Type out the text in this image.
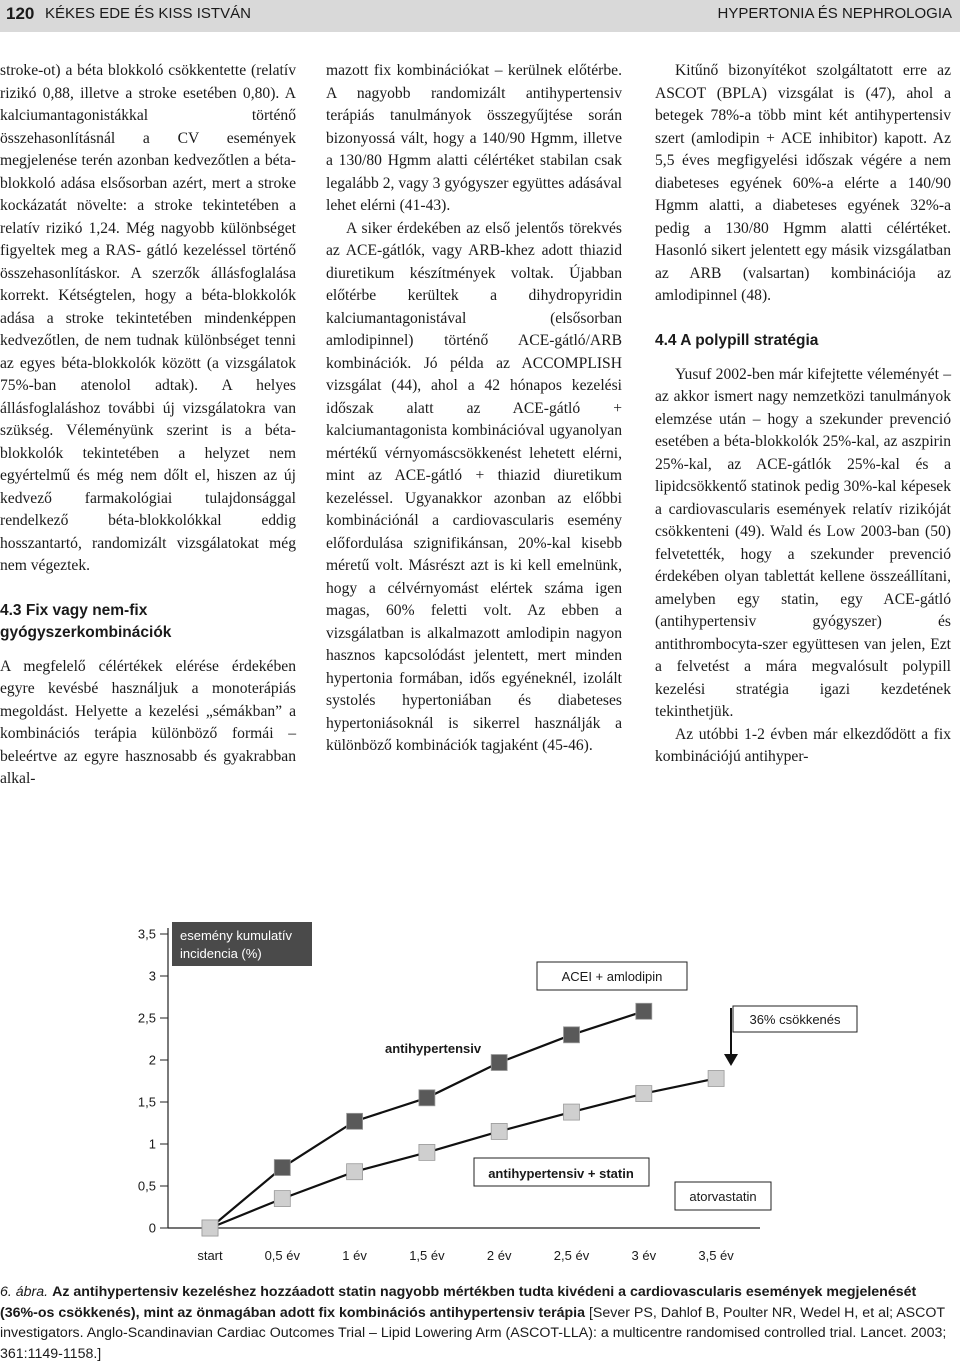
120 KÉKES EDE ÉS KISS ISTVÁN	HYPERTONIA ÉS NEPHROLOGIA

stroke-ot) a béta blokkoló csökkentette (relatív rizikó 0,88, illetve a stroke esetében 0,80). A kalciumantagonistákkal történő összehasonlításnál a CV események megjelenése terén azonban kedvezőtlen a béta-blokkoló adása elsősorban azért, mert a stroke kockázatát növelte: a stroke tekintetében a relatív rizikó 1,24. Még nagyobb különbséget figyeltek meg a RAS- gátló kezeléssel történő összehasonlításkor. A szerzők állásfoglalása korrekt. Kétségtelen, hogy a béta-blokkolók adása a stroke tekintetében mindenképpen kedvezőtlen, de nem tudnak különbséget tenni az egyes béta-blokkolók között (a vizsgálatok 75%-ban atenolol adtak). A helyes állásfoglaláshoz további új vizsgálatokra van szükség. Véleményünk szerint is a béta-blokkolók tekintetében a helyzet nem egyértelmű és még nem dőlt el, hiszen az új kedvező farmakológiai tulajdonsággal rendelkező béta-blokkolókkal eddig hosszantartó, randomizált vizsgálatokat még nem végeztek.

4.3 Fix vagy nem-fix gyógyszerkombinációk

A megfelelő célértékek elérése érdekében egyre kevésbé használjuk a monoterápiás megoldást. Helyette a kezelési „sémákban” a kombinációs terápia különböző formái – beleértve az egyre hasznosabb és gyakrabban alkal-

mazott fix kombinációkat – kerülnek előtérbe. A nagyobb randomizált antihypertensiv terápiás tanulmányok összegyűjtése során bizonyossá vált, hogy a 140/90 Hgmm, illetve a 130/80 Hgmm alatti célértéket stabilan csak legalább 2, vagy 3 gyógyszer együttes adásával lehet elérni (41-43).

A siker érdekében az első jelentős törekvés az ACE-gátlók, vagy ARB-khez adott thiazid diuretikum készítmények voltak. Újabban előtérbe kerültek a dihydropyridin kalciumantagonistával (elsősorban amlodipinnel) történő ACE-gátló/ARB kombinációk. Jó példa az ACCOMPLISH vizsgálat (44), ahol a 42 hónapos kezelési időszak alatt az ACE-gátló + kalciumantagonista kombinációval ugyanolyan mértékű vérnyomáscsökkenést lehetett elérni, mint az ACE-gátló + thiazid diuretikum kezeléssel. Ugyanakkor azonban az előbbi kombinációnál a cardiovascularis esemény előfordulása szignifikánsan, 20%-kal kisebb méretű volt. Másrészt azt is ki kell emelnünk, hogy a célvérnyomást elértek száma igen magas, 60% feletti volt. Az ebben a vizsgálatban is alkalmazott amlodipin nagyon hasznos kapcsolódást jelentett, mert minden hypertonia formában, idős egyéneknél, izolált systolés hypertoniában és diabeteses hypertoniásoknál is sikerrel használják a különböző kombinációk tagjaként (45-46).

Kitűnő bizonyítékot szolgáltatott erre az ASCOT (BPLA) vizsgálat is (47), ahol a betegek 78%-a több mint két antihypertensiv szert (amlodipin + ACE inhibitor) kapott. Az 5,5 éves megfigyelési időszak végére a nem diabeteses egyének 60%-a elérte a 140/90 Hgmm alatti, a diabeteses egyének 32%-a pedig a 130/80 Hgmm alatti célértéket. Hasonló sikert jelentett egy másik vizsgálatban az ARB (valsartan) kombinációja az amlodipinnel (48).

4.4 A polypill stratégia

Yusuf 2002-ben már kifejtette véleményét – az akkor ismert nagy nemzetközi tanulmányok elemzése után – hogy a szekunder prevenció esetében a béta-blokkolók 25%-kal, az aszpirin 25%-kal, az ACE-gátlók 25%-kal és a lipidcsökkentő statinok pedig 30%-kal képesek a cardiovascularis események relatív rizikóját csökkenteni (49). Wald és Low 2003-ban (50) felvetették, hogy a szekunder prevenció érdekében olyan tablettát kellene összeállítani, amelyben egy statin, egy ACE-gátló (antihypertensiv gyógyszer) és antithrombocyta-szer együttesen van jelen, Ezt a felvetést a mára megvalósult polypill kezelési stratégia igazi kezdetének tekinthetjük.

Az utóbbi 1-2 évben már elkezdődött a fix kombinációjú antihyper-

0
0,5
1
1,5
2
2,5
3
3,5
start	0,5 év	1 év	1,5 év	2 év	2,5 év	3 év	3,5 év
esemény kumulatív
incidencia (%)
ACEI + amlodipin
36% csökkenés
antihypertensiv
antihypertensiv + statin
atorvastatin
6. ábra. Az antihypertensiv kezeléshez hozzáadott statin nagyobb mértékben tudta kivédeni a cardiovascularis események megjelenését (36%-os csökkenés), mint az önmagában adott fix kombinációs antihypertensiv terápia [Sever PS, Dahlof B, Poulter NR, Wedel H, et al; ASCOT investigators. Anglo-Scandinavian Cardiac Outcomes Trial – Lipid Lowering Arm (ASCOT-LLA): a multicentre randomised controlled trial. Lancet. 2003; 361:1149-1158.]
